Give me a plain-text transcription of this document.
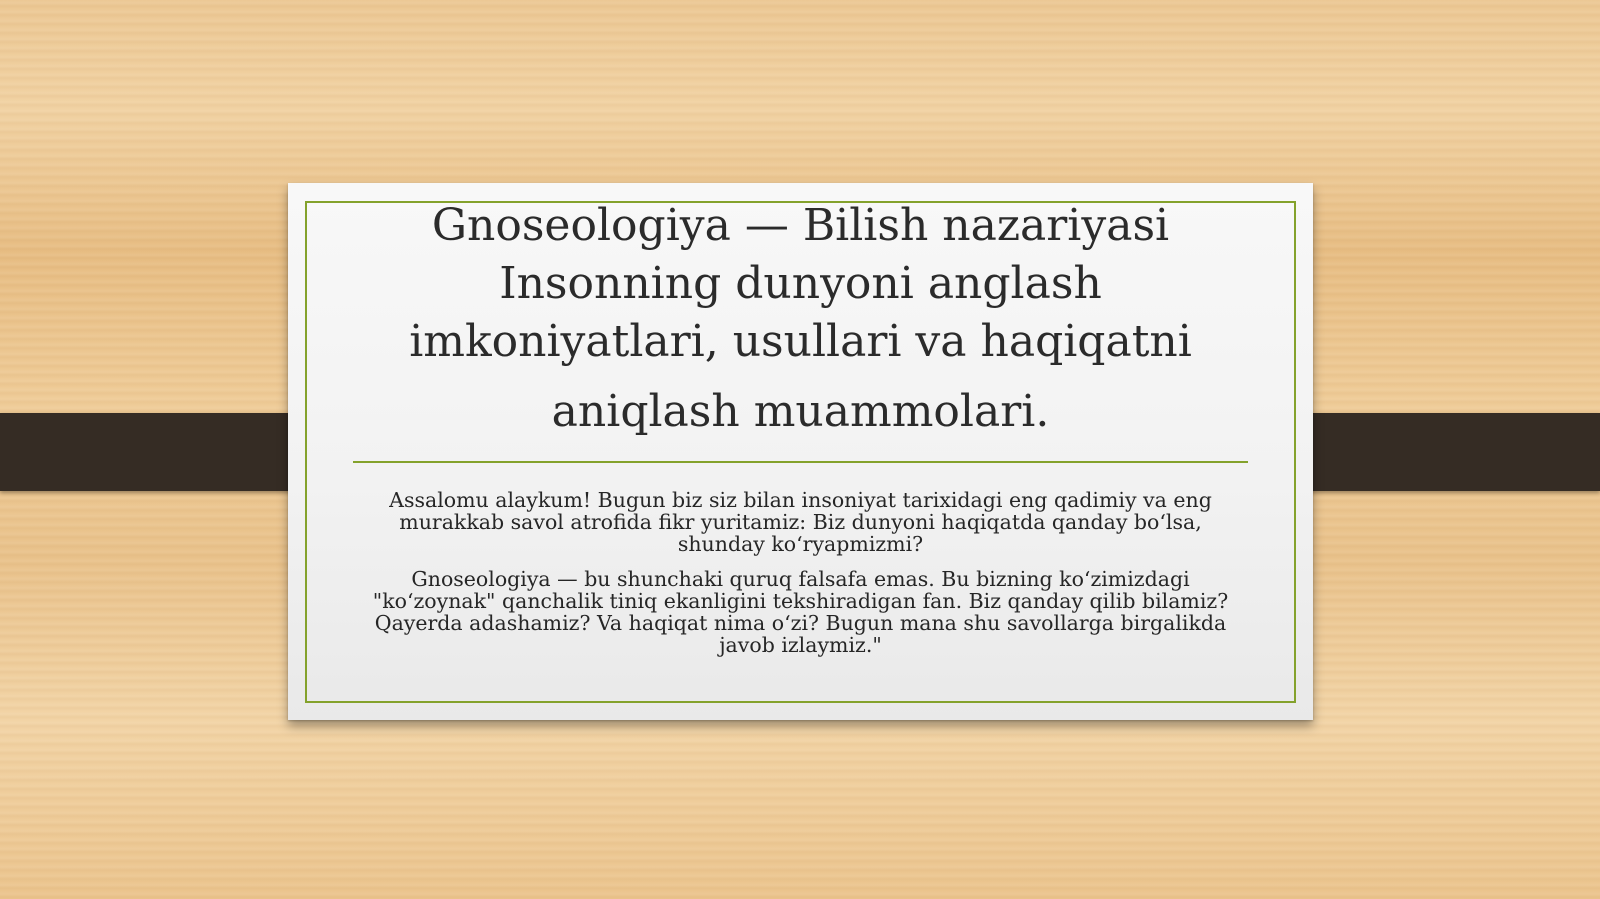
Gnoseologiya — Bilish nazariyasi
Insonning dunyoni anglash
imkoniyatlari, usullari va haqiqatni
aniqlash muammolari.

Assalomu alaykum! Bugun biz siz bilan insoniyat tarixidagi eng qadimiy va eng murakkab savol atrofida fikr yuritamiz: Biz dunyoni haqiqatda qanday boʻlsa, shunday koʻryapmizmi?

Gnoseologiya — bu shunchaki quruq falsafa emas. Bu bizning koʻzimizdagi "koʻzoynak" qanchalik tiniq ekanligini tekshiradigan fan. Biz qanday qilib bilamiz? Qayerda adashamiz? Va haqiqat nima oʻzi? Bugun mana shu savollarga birgalikda javob izlaymiz."
